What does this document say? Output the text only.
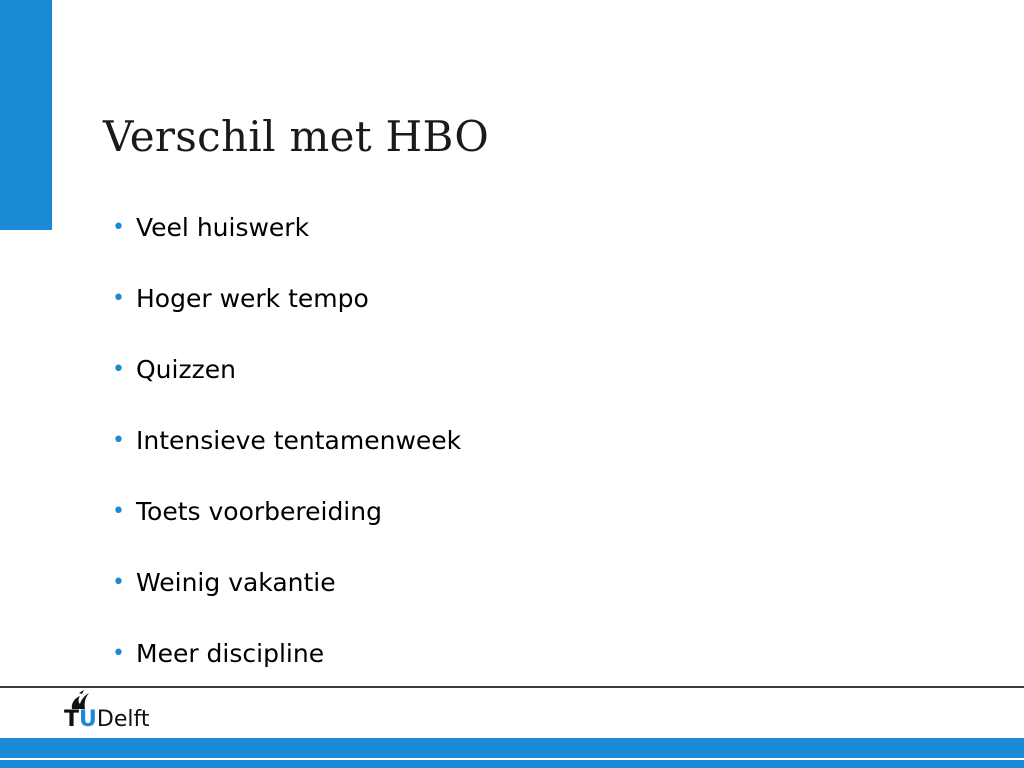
Verschil met HBO
• Veel huiswerk
• Hoger werk tempo
• Quizzen
• Intensieve tentamenweek
• Toets voorbereiding
• Weinig vakantie
• Meer discipline
TUDelft
